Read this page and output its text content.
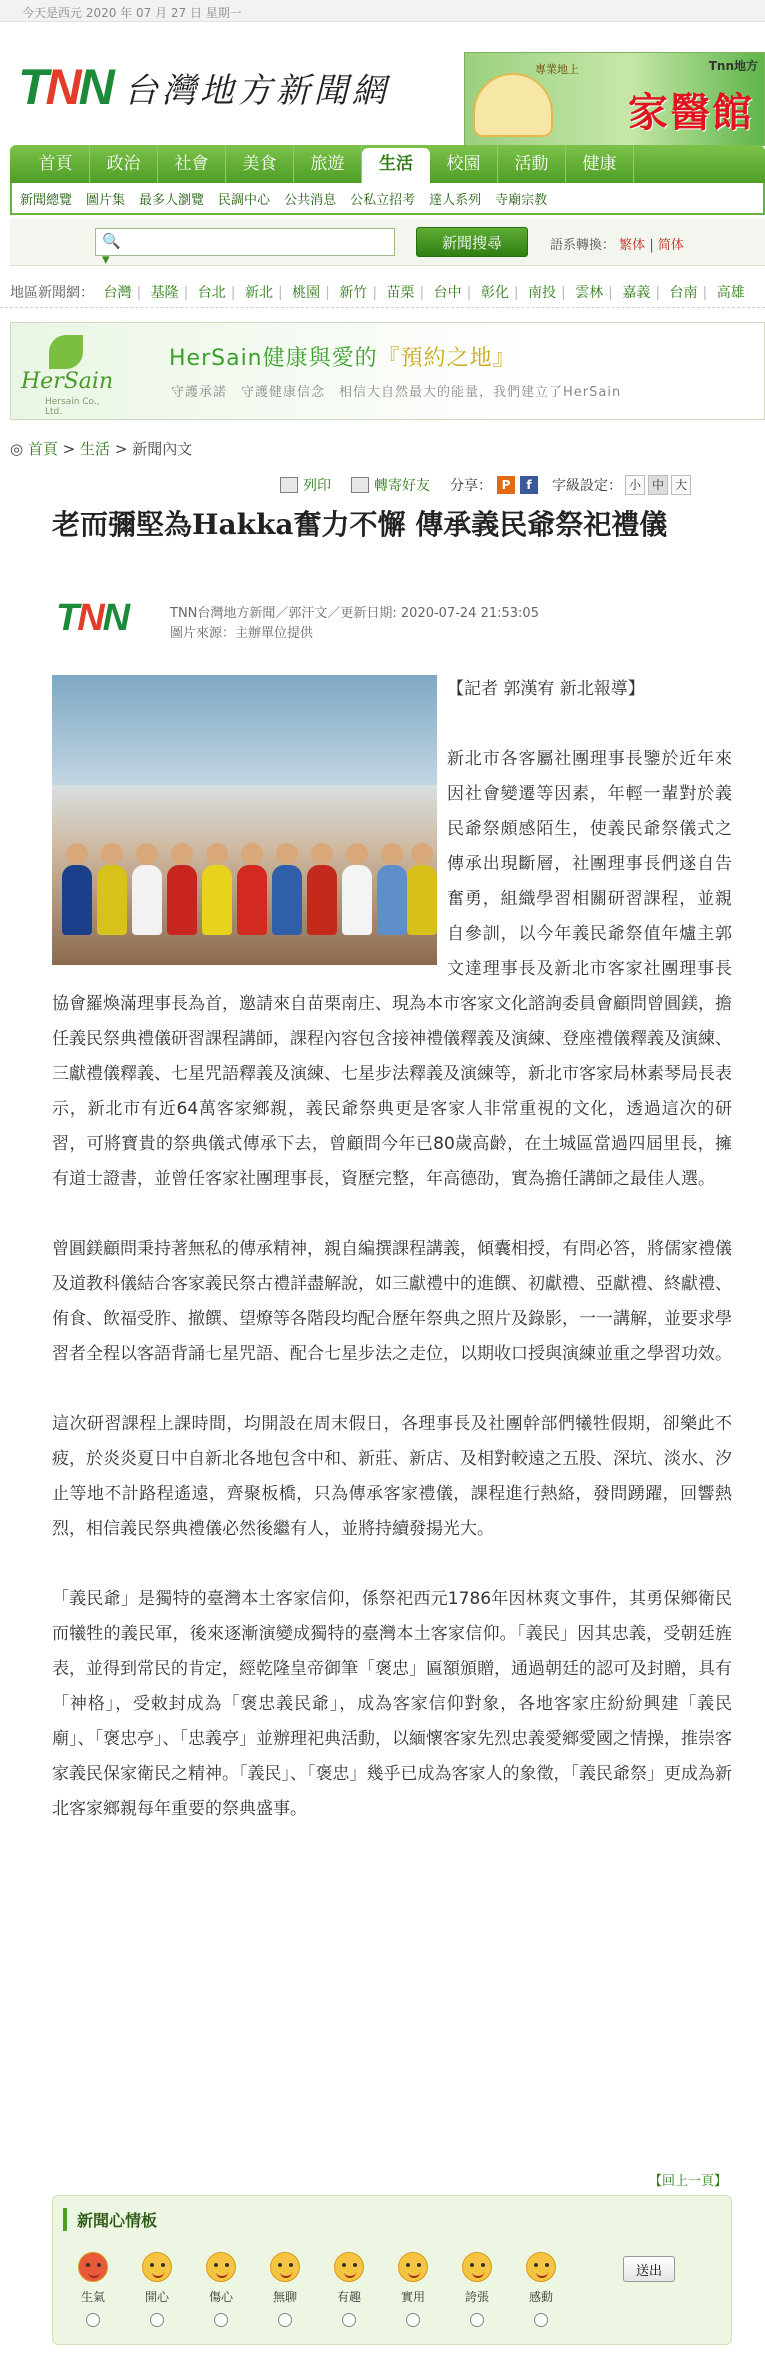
今天是西元 2020 年 07 月 27 日 星期一
TNN 台灣地方新聞網
專業地上	Tnn地方
家醫館
首頁	政治	社會	美食	旅遊	生活	校園	活動	健康
新聞總覽 圖片集 最多人瀏覽 民調中心 公共消息 公私立招考 達人系列 寺廟宗教
🔍▾
新聞搜尋	語系轉換： 繁体 | 简体
地區新聞網： 台灣 | 基隆 | 台北 | 新北 | 桃園 | 新竹 | 苗栗 | 台中 | 彰化 | 南投 | 雲林 | 嘉義 | 台南 | 高雄
HerSain
Hersain Co., Ltd.
HerSain健康與愛的『預約之地』
守護承諾　守護健康信念　相信大自然最大的能量，我們建立了HerSain
◎ 首頁 > 生活 > 新聞內文
列印	轉寄好友 分享： P	f	字級設定： 小 中 大
老而彌堅為Hakka奮力不懈 傳承義民爺祭祀禮儀
TNN	TNN台灣地方新聞／郭汗文／更新日期: 2020-07-24 21:53:05
圖片來源：主辦單位提供

【記者 郭漢宥 新北報導】

新北市各客屬社團理事長鑒於近年來因社會變遷等因素，年輕一輩對於義民爺祭頗感陌生，使義民爺祭儀式之傳承出現斷層，社團理事長們遂自告奮勇，組織學習相關研習課程，並親自參訓，以今年義民爺祭值年爐主郭文達理事長及新北市客家社團理事長協會羅煥滿理事長為首，邀請來自苗栗南庄、現為本市客家文化諮詢委員會顧問曾圓鎂，擔任義民祭典禮儀研習課程講師，課程內容包含接神禮儀釋義及演練、登座禮儀釋義及演練、三獻禮儀釋義、七星咒語釋義及演練、七星步法釋義及演練等，新北市客家局林素琴局長表示，新北市有近64萬客家鄉親，義民爺祭典更是客家人非常重視的文化，透過這次的研習，可將寶貴的祭典儀式傳承下去，曾顧問今年已80歲高齡，在土城區當過四屆里長，擁有道士證書，並曾任客家社團理事長，資歷完整，年高德劭，實為擔任講師之最佳人選。

曾圓鎂顧問秉持著無私的傳承精神，親自編撰課程講義，傾囊相授，有問必答，將儒家禮儀及道教科儀結合客家義民祭古禮詳盡解說，如三獻禮中的進饌、初獻禮、亞獻禮、終獻禮、侑食、飲福受胙、撤饌、望燎等各階段均配合歷年祭典之照片及錄影，一一講解，並要求學習者全程以客語背誦七星咒語、配合七星步法之走位，以期收口授與演練並重之學習功效。

這次研習課程上課時間，均開設在周末假日，各理事長及社團幹部們犧牲假期，卻樂此不疲，於炎炎夏日中自新北各地包含中和、新莊、新店、及相對較遠之五股、深坑、淡水、汐止等地不計路程遙遠，齊聚板橋，只為傳承客家禮儀，課程進行熱絡，發問踴躍，回響熱烈，相信義民祭典禮儀必然後繼有人，並將持續發揚光大。

「義民爺」是獨特的臺灣本土客家信仰，係祭祀西元1786年因林爽文事件，其勇保鄉衛民而犧牲的義民軍，後來逐漸演變成獨特的臺灣本土客家信仰。「義民」因其忠義，受朝廷旌表，並得到常民的肯定，經乾隆皇帝御筆「褒忠」匾額頒贈，通過朝廷的認可及封贈，具有「神格」，受敕封成為「褒忠義民爺」，成為客家信仰對象，各地客家庄紛紛興建「義民廟」、「褒忠亭」、「忠義亭」並辦理祀典活動，以緬懷客家先烈忠義愛鄉愛國之情操，推崇客家義民保家衛民之精神。「義民」、「褒忠」幾乎已成為客家人的象徵，「義民爺祭」更成為新北客家鄉親每年重要的祭典盛事。

【回上一頁】
新聞心情板
生氣	開心	傷心	無聊	有趣	實用	誇張	感動
送出
